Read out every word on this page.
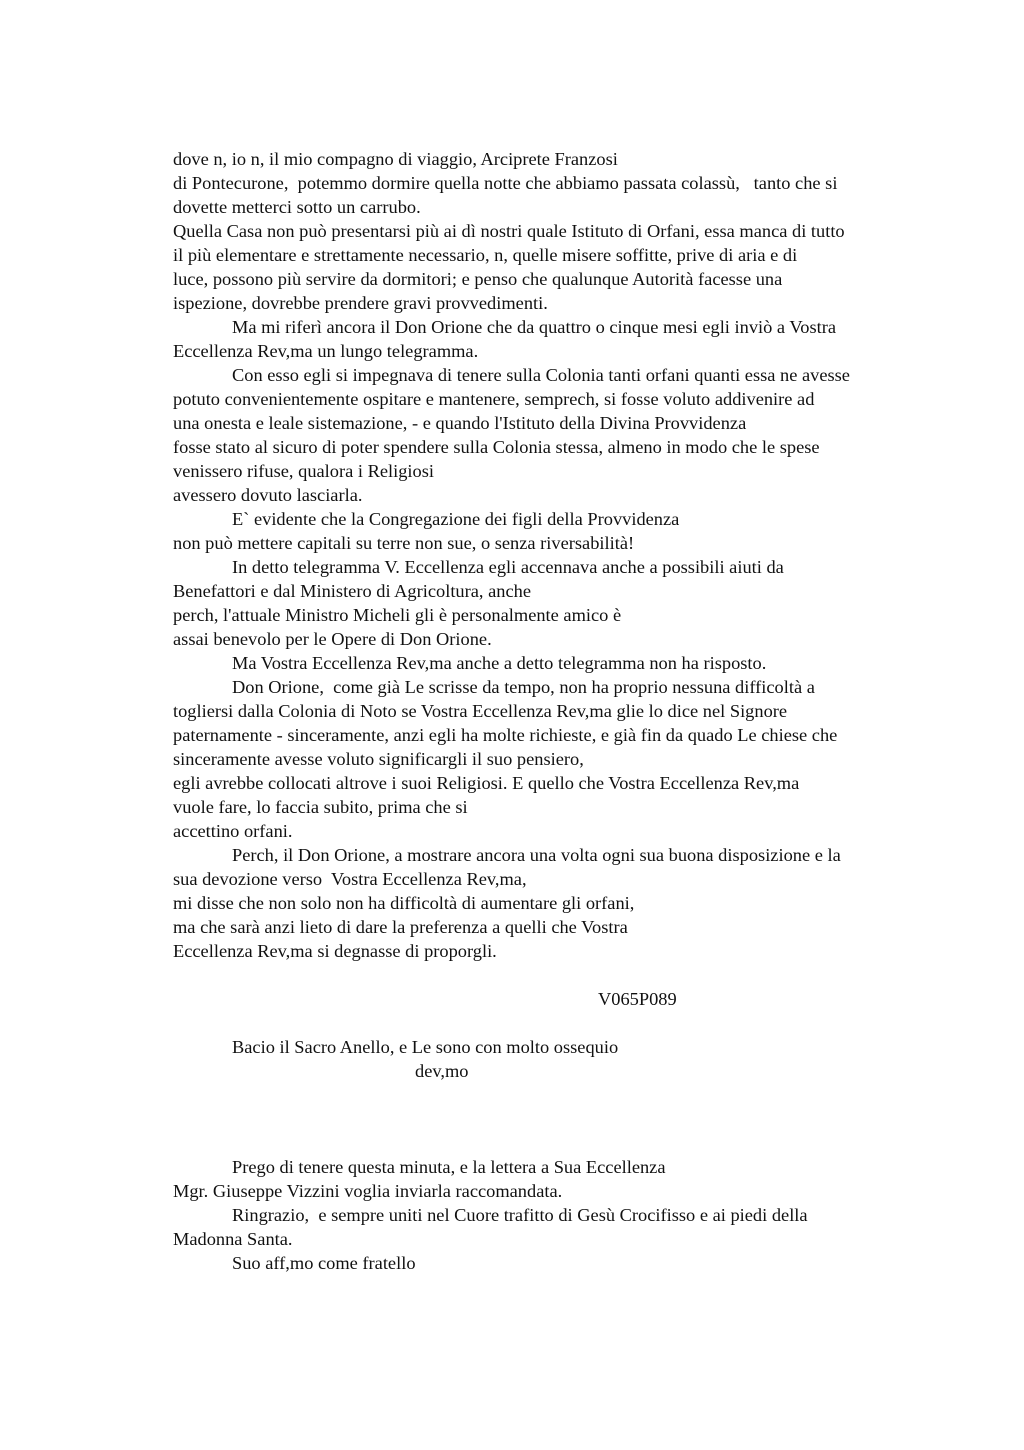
dove n, io n, il mio compagno di viaggio, Arciprete Franzosi
di Pontecurone,  potemmo dormire quella notte che abbiamo passata colassù,   tanto che si
dovette metterci sotto un carrubo.
Quella Casa non può presentarsi più ai dì nostri quale Istituto di Orfani, essa manca di tutto
il più elementare e strettamente necessario, n, quelle misere soffitte, prive di aria e di
luce, possono più servire da dormitori; e penso che qualunque Autorità facesse una
ispezione, dovrebbe prendere gravi provvedimenti.
Ma mi riferì ancora il Don Orione che da quattro o cinque mesi egli inviò a Vostra
Eccellenza Rev,ma un lungo telegramma.
Con esso egli si impegnava di tenere sulla Colonia tanti orfani quanti essa ne avesse
potuto convenientemente ospitare e mantenere, semprech, si fosse voluto addivenire ad
una onesta e leale sistemazione, - e quando l'Istituto della Divina Provvidenza
fosse stato al sicuro di poter spendere sulla Colonia stessa, almeno in modo che le spese
venissero rifuse, qualora i Religiosi
avessero dovuto lasciarla.
E` evidente che la Congregazione dei figli della Provvidenza
non può mettere capitali su terre non sue, o senza riversabilità!
In detto telegramma V. Eccellenza egli accennava anche a possibili aiuti da
Benefattori e dal Ministero di Agricoltura, anche
perch, l'attuale Ministro Micheli gli è personalmente amico è
assai benevolo per le Opere di Don Orione.
Ma Vostra Eccellenza Rev,ma anche a detto telegramma non ha risposto.
Don Orione,  come già Le scrisse da tempo, non ha proprio nessuna difficoltà a
togliersi dalla Colonia di Noto se Vostra Eccellenza Rev,ma glie lo dice nel Signore
paternamente - sinceramente, anzi egli ha molte richieste, e già fin da quado Le chiese che
sinceramente avesse voluto significargli il suo pensiero,
egli avrebbe collocati altrove i suoi Religiosi. E quello che Vostra Eccellenza Rev,ma
vuole fare, lo faccia subito, prima che si
accettino orfani.
Perch, il Don Orione, a mostrare ancora una volta ogni sua buona disposizione e la
sua devozione verso  Vostra Eccellenza Rev,ma,
mi disse che non solo non ha difficoltà di aumentare gli orfani,
ma che sarà anzi lieto di dare la preferenza a quelli che Vostra
Eccellenza Rev,ma si degnasse di proporgli.
V065P089
Bacio il Sacro Anello, e Le sono con molto ossequio
dev,mo
Prego di tenere questa minuta, e la lettera a Sua Eccellenza
Mgr. Giuseppe Vizzini voglia inviarla raccomandata.
Ringrazio,  e sempre uniti nel Cuore trafitto di Gesù Crocifisso e ai piedi della
Madonna Santa.
Suo aff,mo come fratello
